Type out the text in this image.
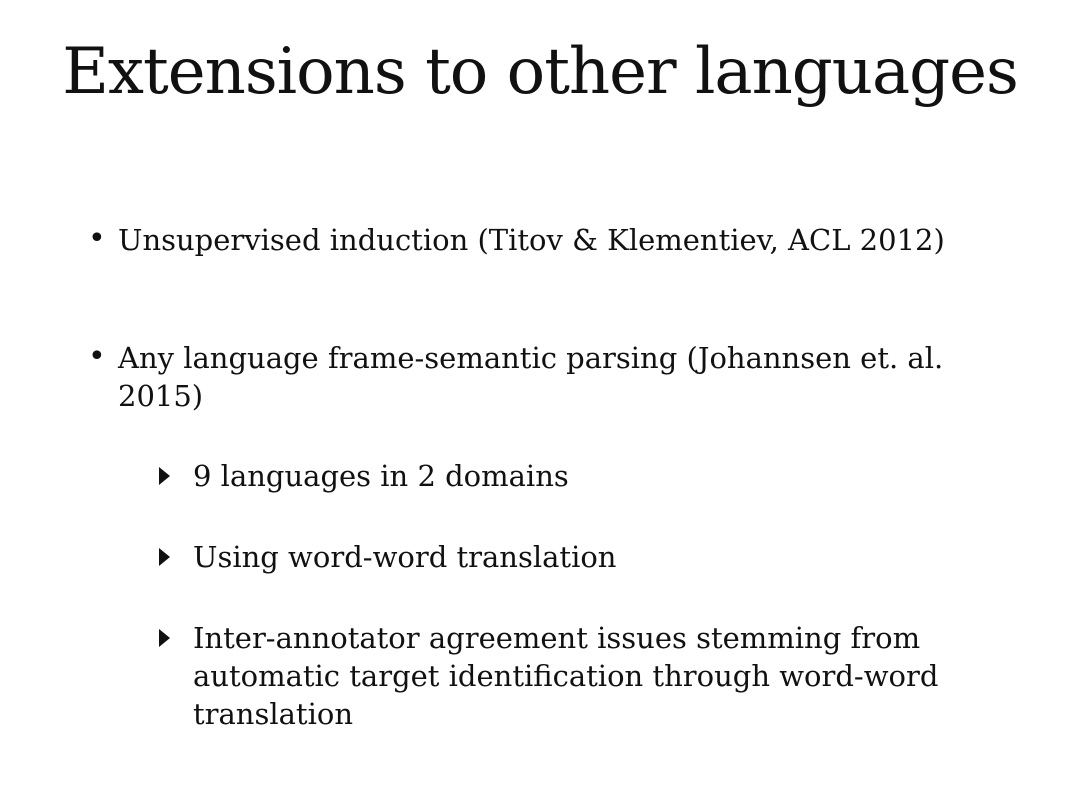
Extensions to other languages
• Unsupervised induction (Titov & Klementiev, ACL 2012)
• Any language frame-semantic parsing (Johannsen et. al. 2015)
9 languages in 2 domains
Using word-word translation
Inter-annotator agreement issues stemming from automatic target identification through word-word translation
